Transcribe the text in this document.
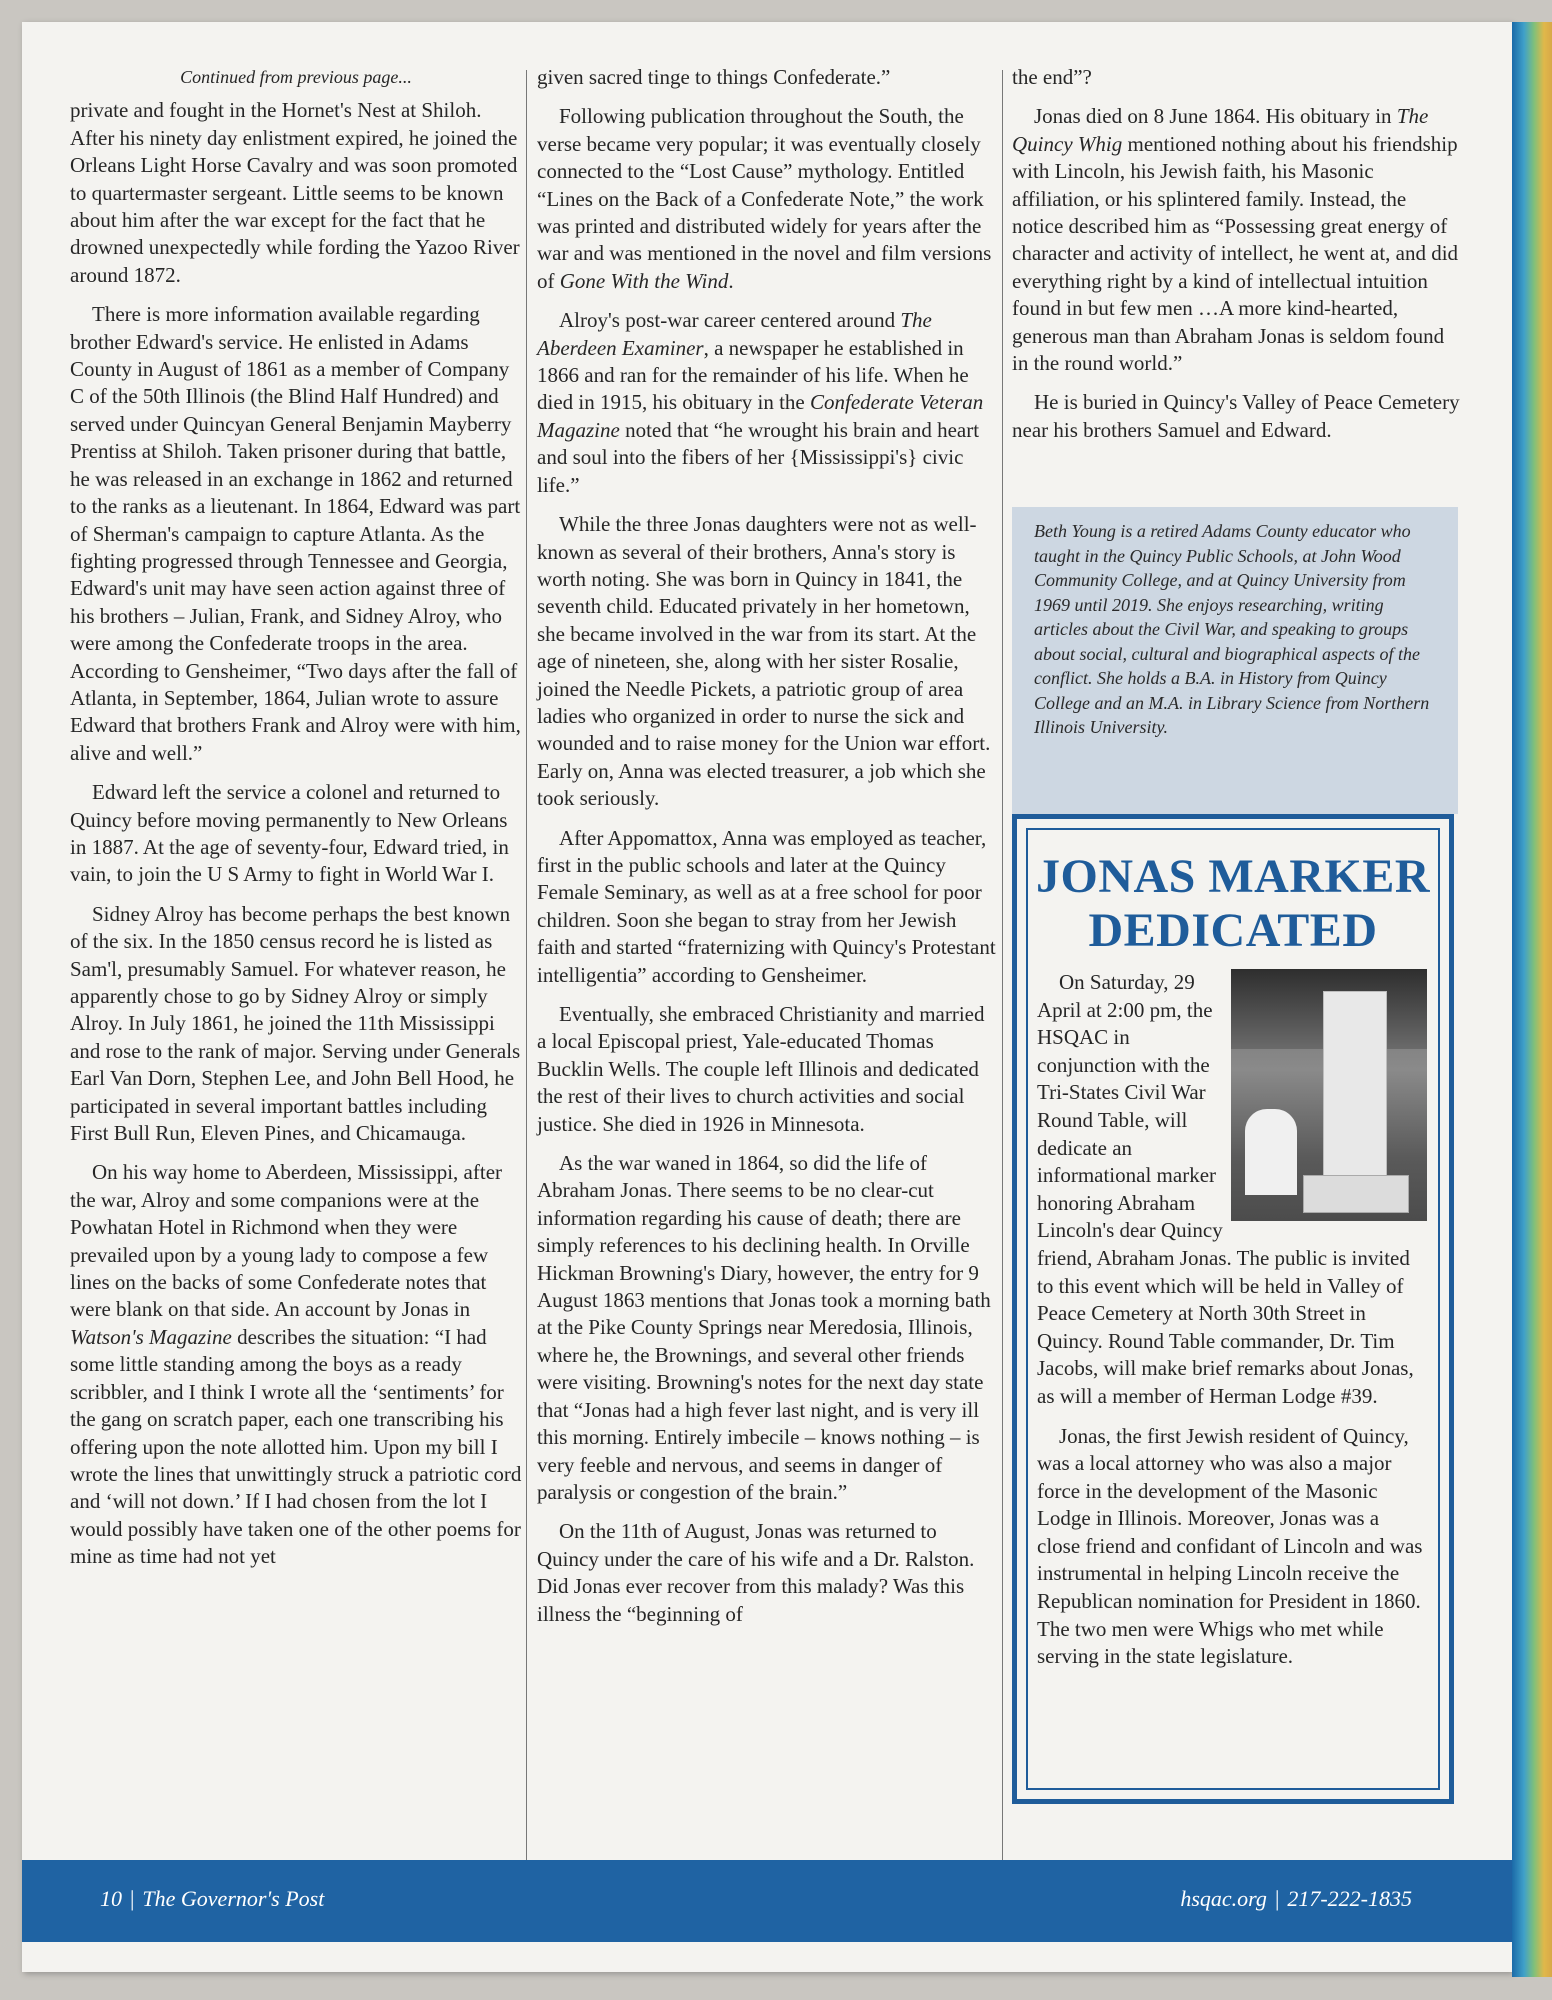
Continued from previous page...

private and fought in the Hornet's Nest at Shiloh. After his ninety day enlistment expired, he joined the Orleans Light Horse Cavalry and was soon promoted to quartermaster sergeant. Little seems to be known about him after the war except for the fact that he drowned unexpectedly while fording the Yazoo River around 1872.

There is more information available regarding brother Edward's service. He enlisted in Adams County in August of 1861 as a member of Company C of the 50th Illinois (the Blind Half Hundred) and served under Quincyan General Benjamin Mayberry Prentiss at Shiloh. Taken prisoner during that battle, he was released in an exchange in 1862 and returned to the ranks as a lieutenant. In 1864, Edward was part of Sherman's campaign to capture Atlanta. As the fighting progressed through Tennessee and Georgia, Edward's unit may have seen action against three of his brothers – Julian, Frank, and Sidney Alroy, who were among the Confederate troops in the area. According to Gensheimer, “Two days after the fall of Atlanta, in September, 1864, Julian wrote to assure Edward that brothers Frank and Alroy were with him, alive and well.”

Edward left the service a colonel and returned to Quincy before moving permanently to New Orleans in 1887. At the age of seventy-four, Edward tried, in vain, to join the U S Army to fight in World War I.

Sidney Alroy has become perhaps the best known of the six. In the 1850 census record he is listed as Sam'l, presumably Samuel. For whatever reason, he apparently chose to go by Sidney Alroy or simply Alroy. In July 1861, he joined the 11th Mississippi and rose to the rank of major. Serving under Generals Earl Van Dorn, Stephen Lee, and John Bell Hood, he participated in several important battles including First Bull Run, Eleven Pines, and Chicamauga.

On his way home to Aberdeen, Mississippi, after the war, Alroy and some companions were at the Powhatan Hotel in Richmond when they were prevailed upon by a young lady to compose a few lines on the backs of some Confederate notes that were blank on that side. An account by Jonas in Watson's Magazine describes the situation: “I had some little standing among the boys as a ready scribbler, and I think I wrote all the ‘sentiments’ for the gang on scratch paper, each one transcribing his offering upon the note allotted him. Upon my bill I wrote the lines that unwittingly struck a patriotic cord and ‘will not down.’ If I had chosen from the lot I would possibly have taken one of the other poems for mine as time had not yet

given sacred tinge to things Confederate.”

Following publication throughout the South, the verse became very popular; it was eventually closely connected to the “Lost Cause” mythology. Entitled “Lines on the Back of a Confederate Note,” the work was printed and distributed widely for years after the war and was mentioned in the novel and film versions of Gone With the Wind.

Alroy's post-war career centered around The Aberdeen Examiner, a newspaper he established in 1866 and ran for the remainder of his life. When he died in 1915, his obituary in the Confederate Veteran Magazine noted that “he wrought his brain and heart and soul into the fibers of her {Mississippi's} civic life.”

While the three Jonas daughters were not as well-known as several of their brothers, Anna's story is worth noting. She was born in Quincy in 1841, the seventh child. Educated privately in her hometown, she became involved in the war from its start. At the age of nineteen, she, along with her sister Rosalie, joined the Needle Pickets, a patriotic group of area ladies who organized in order to nurse the sick and wounded and to raise money for the Union war effort. Early on, Anna was elected treasurer, a job which she took seriously.

After Appomattox, Anna was employed as teacher, first in the public schools and later at the Quincy Female Seminary, as well as at a free school for poor children. Soon she began to stray from her Jewish faith and started “fraternizing with Quincy's Protestant intelligentia” according to Gensheimer.

Eventually, she embraced Christianity and married a local Episcopal priest, Yale-educated Thomas Bucklin Wells. The couple left Illinois and dedicated the rest of their lives to church activities and social justice. She died in 1926 in Minnesota.

As the war waned in 1864, so did the life of Abraham Jonas. There seems to be no clear-cut information regarding his cause of death; there are simply references to his declining health. In Orville Hickman Browning's Diary, however, the entry for 9 August 1863 mentions that Jonas took a morning bath at the Pike County Springs near Meredosia, Illinois, where he, the Brownings, and several other friends were visiting. Browning's notes for the next day state that “Jonas had a high fever last night, and is very ill this morning. Entirely imbecile – knows nothing – is very feeble and nervous, and seems in danger of paralysis or congestion of the brain.”

On the 11th of August, Jonas was returned to Quincy under the care of his wife and a Dr. Ralston. Did Jonas ever recover from this malady? Was this illness the “beginning of

the end”?

Jonas died on 8 June 1864. His obituary in The Quincy Whig mentioned nothing about his friendship with Lincoln, his Jewish faith, his Masonic affiliation, or his splintered family. Instead, the notice described him as “Possessing great energy of character and activity of intellect, he went at, and did everything right by a kind of intellectual intuition found in but few men …A more kind-hearted, generous man than Abraham Jonas is seldom found in the round world.”

He is buried in Quincy's Valley of Peace Cemetery near his brothers Samuel and Edward.

Beth Young is a retired Adams County educator who taught in the Quincy Public Schools, at John Wood Community College, and at Quincy University from 1969 until 2019. She enjoys researching, writing articles about the Civil War, and speaking to groups about social, cultural and biographical aspects of the conflict. She holds a B.A. in History from Quincy College and an M.A. in Library Science from Northern Illinois University.
JONAS MARKER
DEDICATED

On Saturday, 29 April at 2:00 pm, the HSQAC in conjunction with the Tri-States Civil War Round Table, will dedicate an informational marker honoring Abraham Lincoln's dear Quincy friend, Abraham Jonas. The public is invited to this event which will be held in Valley of Peace Cemetery at North 30th Street in Quincy. Round Table commander, Dr. Tim Jacobs, will make brief remarks about Jonas, as will a member of Herman Lodge #39.

Jonas, the first Jewish resident of Quincy, was a local attorney who was also a major force in the development of the Masonic Lodge in Illinois. Moreover, Jonas was a close friend and confidant of Lincoln and was instrumental in helping Lincoln receive the Republican nomination for President in 1860. The two men were Whigs who met while serving in the state legislature.

10 | The Governor's Post	hsqac.org | 217-222-1835
